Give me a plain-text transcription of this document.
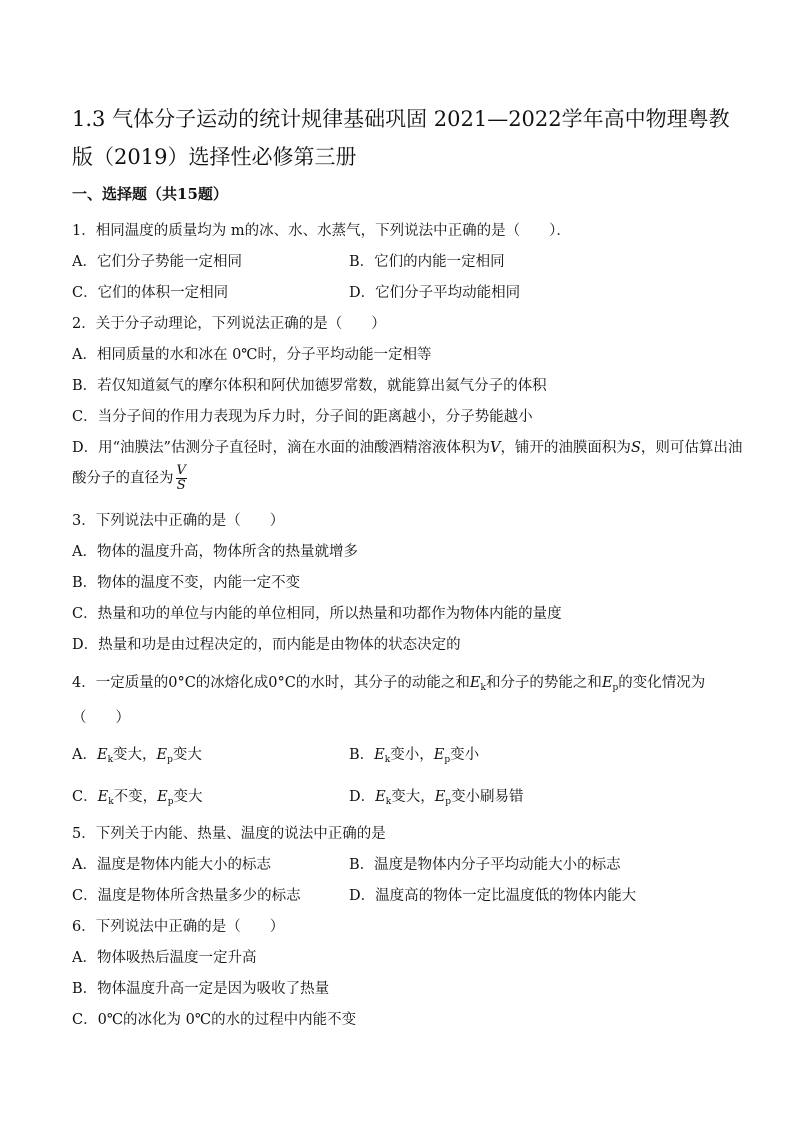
1.3 气体分子运动的统计规律基础巩固 2021—2022学年高中物理粤教版（2019）选择性必修第三册
一、选择题（共15题）
1．相同温度的质量均为 m的冰、水、水蒸气，下列说法中正确的是（　　）．
A．它们分子势能一定相同	B．它们的内能一定相同
C．它们的体积一定相同	D．它们分子平均动能相同
2．关于分子动理论，下列说法正确的是（　　）
A．相同质量的水和冰在 0℃时，分子平均动能一定相等
B．若仅知道氦气的摩尔体积和阿伏加德罗常数，就能算出氦气分子的体积
C．当分子间的作用力表现为斥力时，分子间的距离越小，分子势能越小
D．用“油膜法”估测分子直径时，滴在水面的油酸酒精溶液体积为V，铺开的油膜面积为S，则可估算出油
酸分子的直径为 $\frac{V}{S}$
3．下列说法中正确的是（　　）
A．物体的温度升高，物体所含的热量就增多
B．物体的温度不变，内能一定不变
C．热量和功的单位与内能的单位相同，所以热量和功都作为物体内能的量度
D．热量和功是由过程决定的，而内能是由物体的状态决定的
4．一定质量的0°C的冰熔化成0°C的水时，其分子的动能之和$E_k$和分子的势能之和$E_p$的变化情况为
（　　）
A．$E_k$变大，$E_p$变大	B．$E_k$变小，$E_p$变小
C．$E_k$不变，$E_p$变大	D．$E_k$变大，$E_p$变小刷易错
5．下列关于内能、热量、温度的说法中正确的是
A．温度是物体内能大小的标志	B．温度是物体内分子平均动能大小的标志
C．温度是物体所含热量多少的标志	D．温度高的物体一定比温度低的物体内能大
6．下列说法中正确的是（　　）
A．物体吸热后温度一定升高
B．物体温度升高一定是因为吸收了热量
C．0℃的冰化为 0℃的水的过程中内能不变
